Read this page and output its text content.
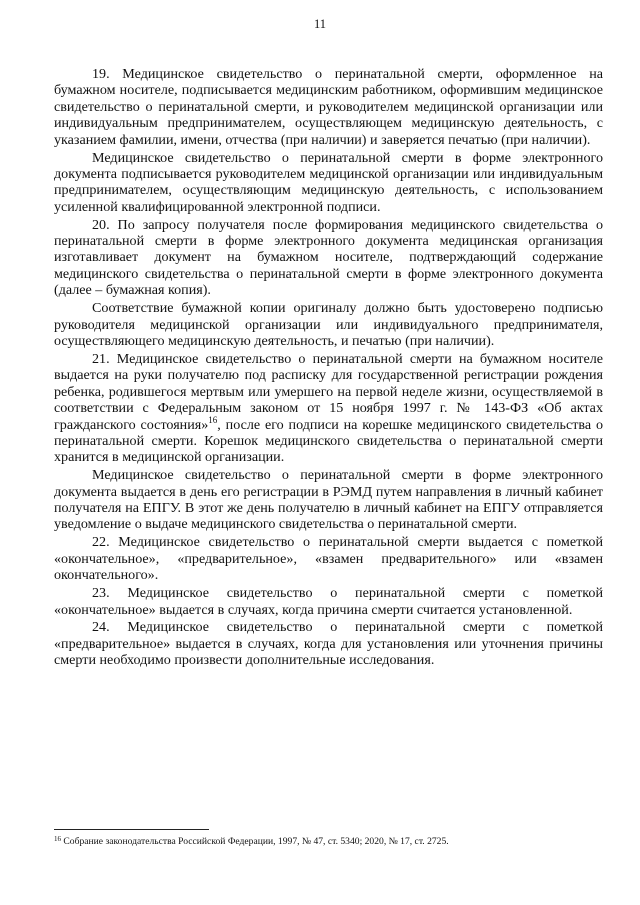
11

19. Медицинское свидетельство о перинатальной смерти, оформленное на бумажном носителе, подписывается медицинским работником, оформившим медицинское свидетельство о перинатальной смерти, и руководителем медицинской организации или индивидуальным предпринимателем, осуществляющем медицинскую деятельность, с указанием фамилии, имени, отчества (при наличии) и заверяется печатью (при наличии).

Медицинское свидетельство о перинатальной смерти в форме электронного документа подписывается руководителем медицинской организации или индивидуальным предпринимателем, осуществляющим медицинскую деятельность, с использованием усиленной квалифицированной электронной подписи.

20. По запросу получателя после формирования медицинского свидетельства о перинатальной смерти в форме электронного документа медицинская организация изготавливает документ на бумажном носителе, подтверждающий содержание медицинского свидетельства о перинатальной смерти в форме электронного документа (далее – бумажная копия).

Соответствие бумажной копии оригиналу должно быть удостоверено подписью руководителя медицинской организации или индивидуального предпринимателя, осуществляющего медицинскую деятельность, и печатью (при наличии).

21. Медицинское свидетельство о перинатальной смерти на бумажном носителе выдается на руки получателю под расписку для государственной регистрации рождения ребенка, родившегося мертвым или умершего на первой неделе жизни, осуществляемой в соответствии с Федеральным законом от 15 ноября 1997 г. № 143-ФЗ «Об актах гражданского состояния»$^{16}$, после его подписи на корешке медицинского свидетельства о перинатальной смерти. Корешок медицинского свидетельства о перинатальной смерти хранится в медицинской организации.

Медицинское свидетельство о перинатальной смерти в форме электронного документа выдается в день его регистрации в РЭМД путем направления в личный кабинет получателя на ЕПГУ. В этот же день получателю в личный кабинет на ЕПГУ отправляется уведомление о выдаче медицинского свидетельства о перинатальной смерти.

22. Медицинское свидетельство о перинатальной смерти выдается с пометкой «окончательное», «предварительное», «взамен предварительного» или «взамен окончательного».

23. Медицинское свидетельство о перинатальной смерти с пометкой «окончательное» выдается в случаях, когда причина смерти считается установленной.

24. Медицинское свидетельство о перинатальной смерти с пометкой «предварительное» выдается в случаях, когда для установления или уточнения причины смерти необходимо произвести дополнительные исследования.

$^{16}$ Собрание законодательства Российской Федерации, 1997, № 47, ст. 5340; 2020, № 17, ст. 2725.
